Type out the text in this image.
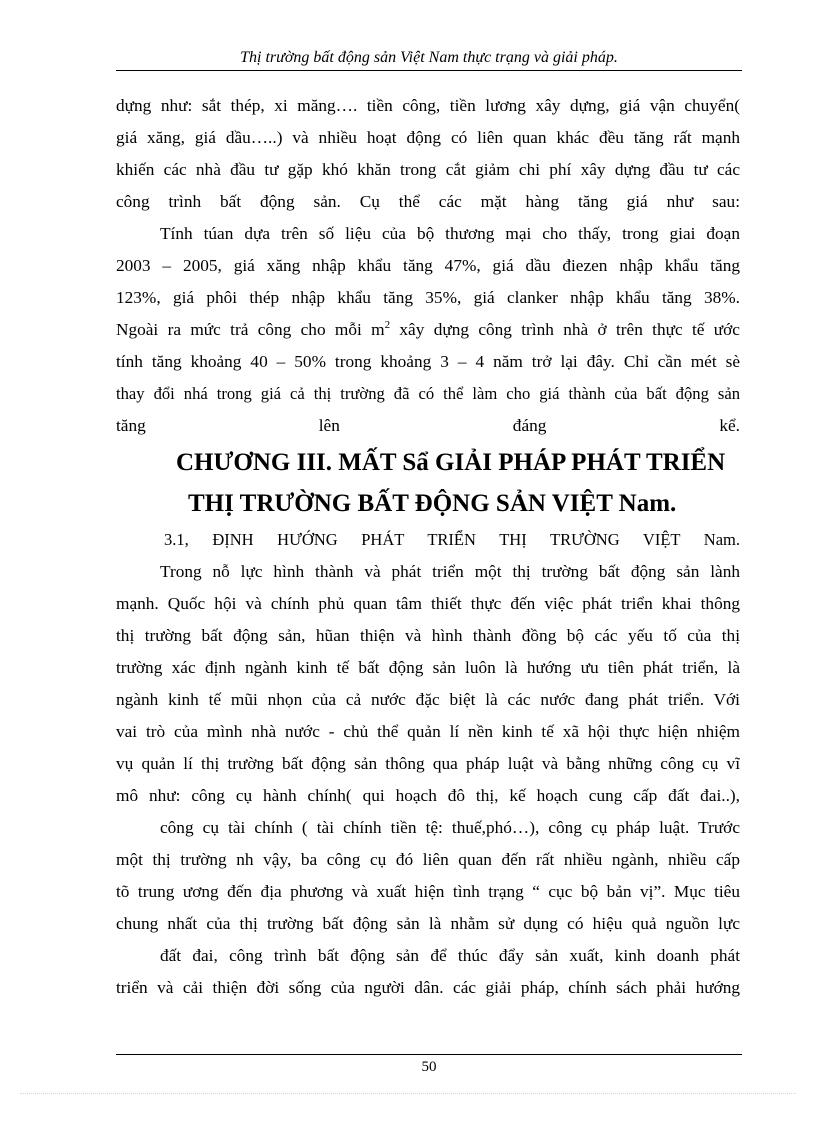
Thị trường bất động sản Việt Nam thực trạng và giải pháp.
dựng như: sắt thép, xi măng…. tiền công, tiền lương xây dựng, giá vận chuyển(
giá xăng, giá dầu…..) và nhiều hoạt động có liên quan khác đều tăng rất mạnh
khiến các nhà đầu tư gặp khó khăn trong cắt giảm chi phí xây dựng đầu tư các
công trình bất động sản. Cụ thể các mặt hàng tăng giá như sau:
Tính túan dựa trên số liệu của bộ thương mại cho thấy, trong giai đoạn
2003 – 2005, giá xăng nhập khẩu tăng 47%, giá dầu điezen nhập khẩu tăng
123%, giá phôi thép nhập khẩu tăng 35%, giá clanker nhập khẩu tăng 38%.
Ngoài ra mức trả công cho mỗi $m^2$ xây dựng công trình nhà ở trên thực tế ước
tính tăng khoảng 40 – 50% trong khoảng 3 – 4 năm trở lại đây. Chỉ cần mét sè
thay đổi nhá trong giá cả thị trường đã có thể làm cho giá thành của bất động sản
tăng lên đáng kể.
CHƯƠNG III. MẤT Sẩ GIẢI PHÁP PHÁT TRIỂN
THỊ TRƯỜNG BẤT ĐỘNG SẢN VIỆT Nam.
3.1, ĐỊNH HƯỚNG PHÁT TRIỂN THỊ TRƯỜNG VIỆT Nam.
Trong nỗ lực hình thành và phát triển một thị trường bất động sản lành
mạnh. Quốc hội và chính phủ quan tâm thiết thực đến việc phát triển khai thông
thị trường bất động sản, hũan thiện và hình thành đồng bộ các yếu tố của thị
trường xác định ngành kinh tế bất động sản luôn là hướng ưu tiên phát triển, là
ngành kinh tế mũi nhọn của cả nước đặc biệt là các nước đang phát triển. Với
vai trò của mình nhà nước - chủ thể quản lí nền kinh tế xã hội thực hiện nhiệm
vụ quản lí thị trường bất động sản thông qua pháp luật và bằng những công cụ vĩ
mô như: công cụ hành chính( qui hoạch đô thị, kế hoạch cung cấp đất đai..),
công cụ tài chính ( tài chính tiền tệ: thuế,phó…), công cụ pháp luật. Trước
một thị trường nh vậy, ba công cụ đó liên quan đến rất nhiều ngành, nhiều cấp
tõ trung ương đến địa phương và xuất hiện tình trạng “ cục bộ bản vị”. Mục tiêu
chung nhất của thị trường bất động sản là nhằm sử dụng có hiệu quả nguồn lực
đất đai, công trình bất động sản để thúc đẩy sản xuất, kinh doanh phát
triển và cải thiện đời sống của người dân. các giải pháp, chính sách phải hướng
50
